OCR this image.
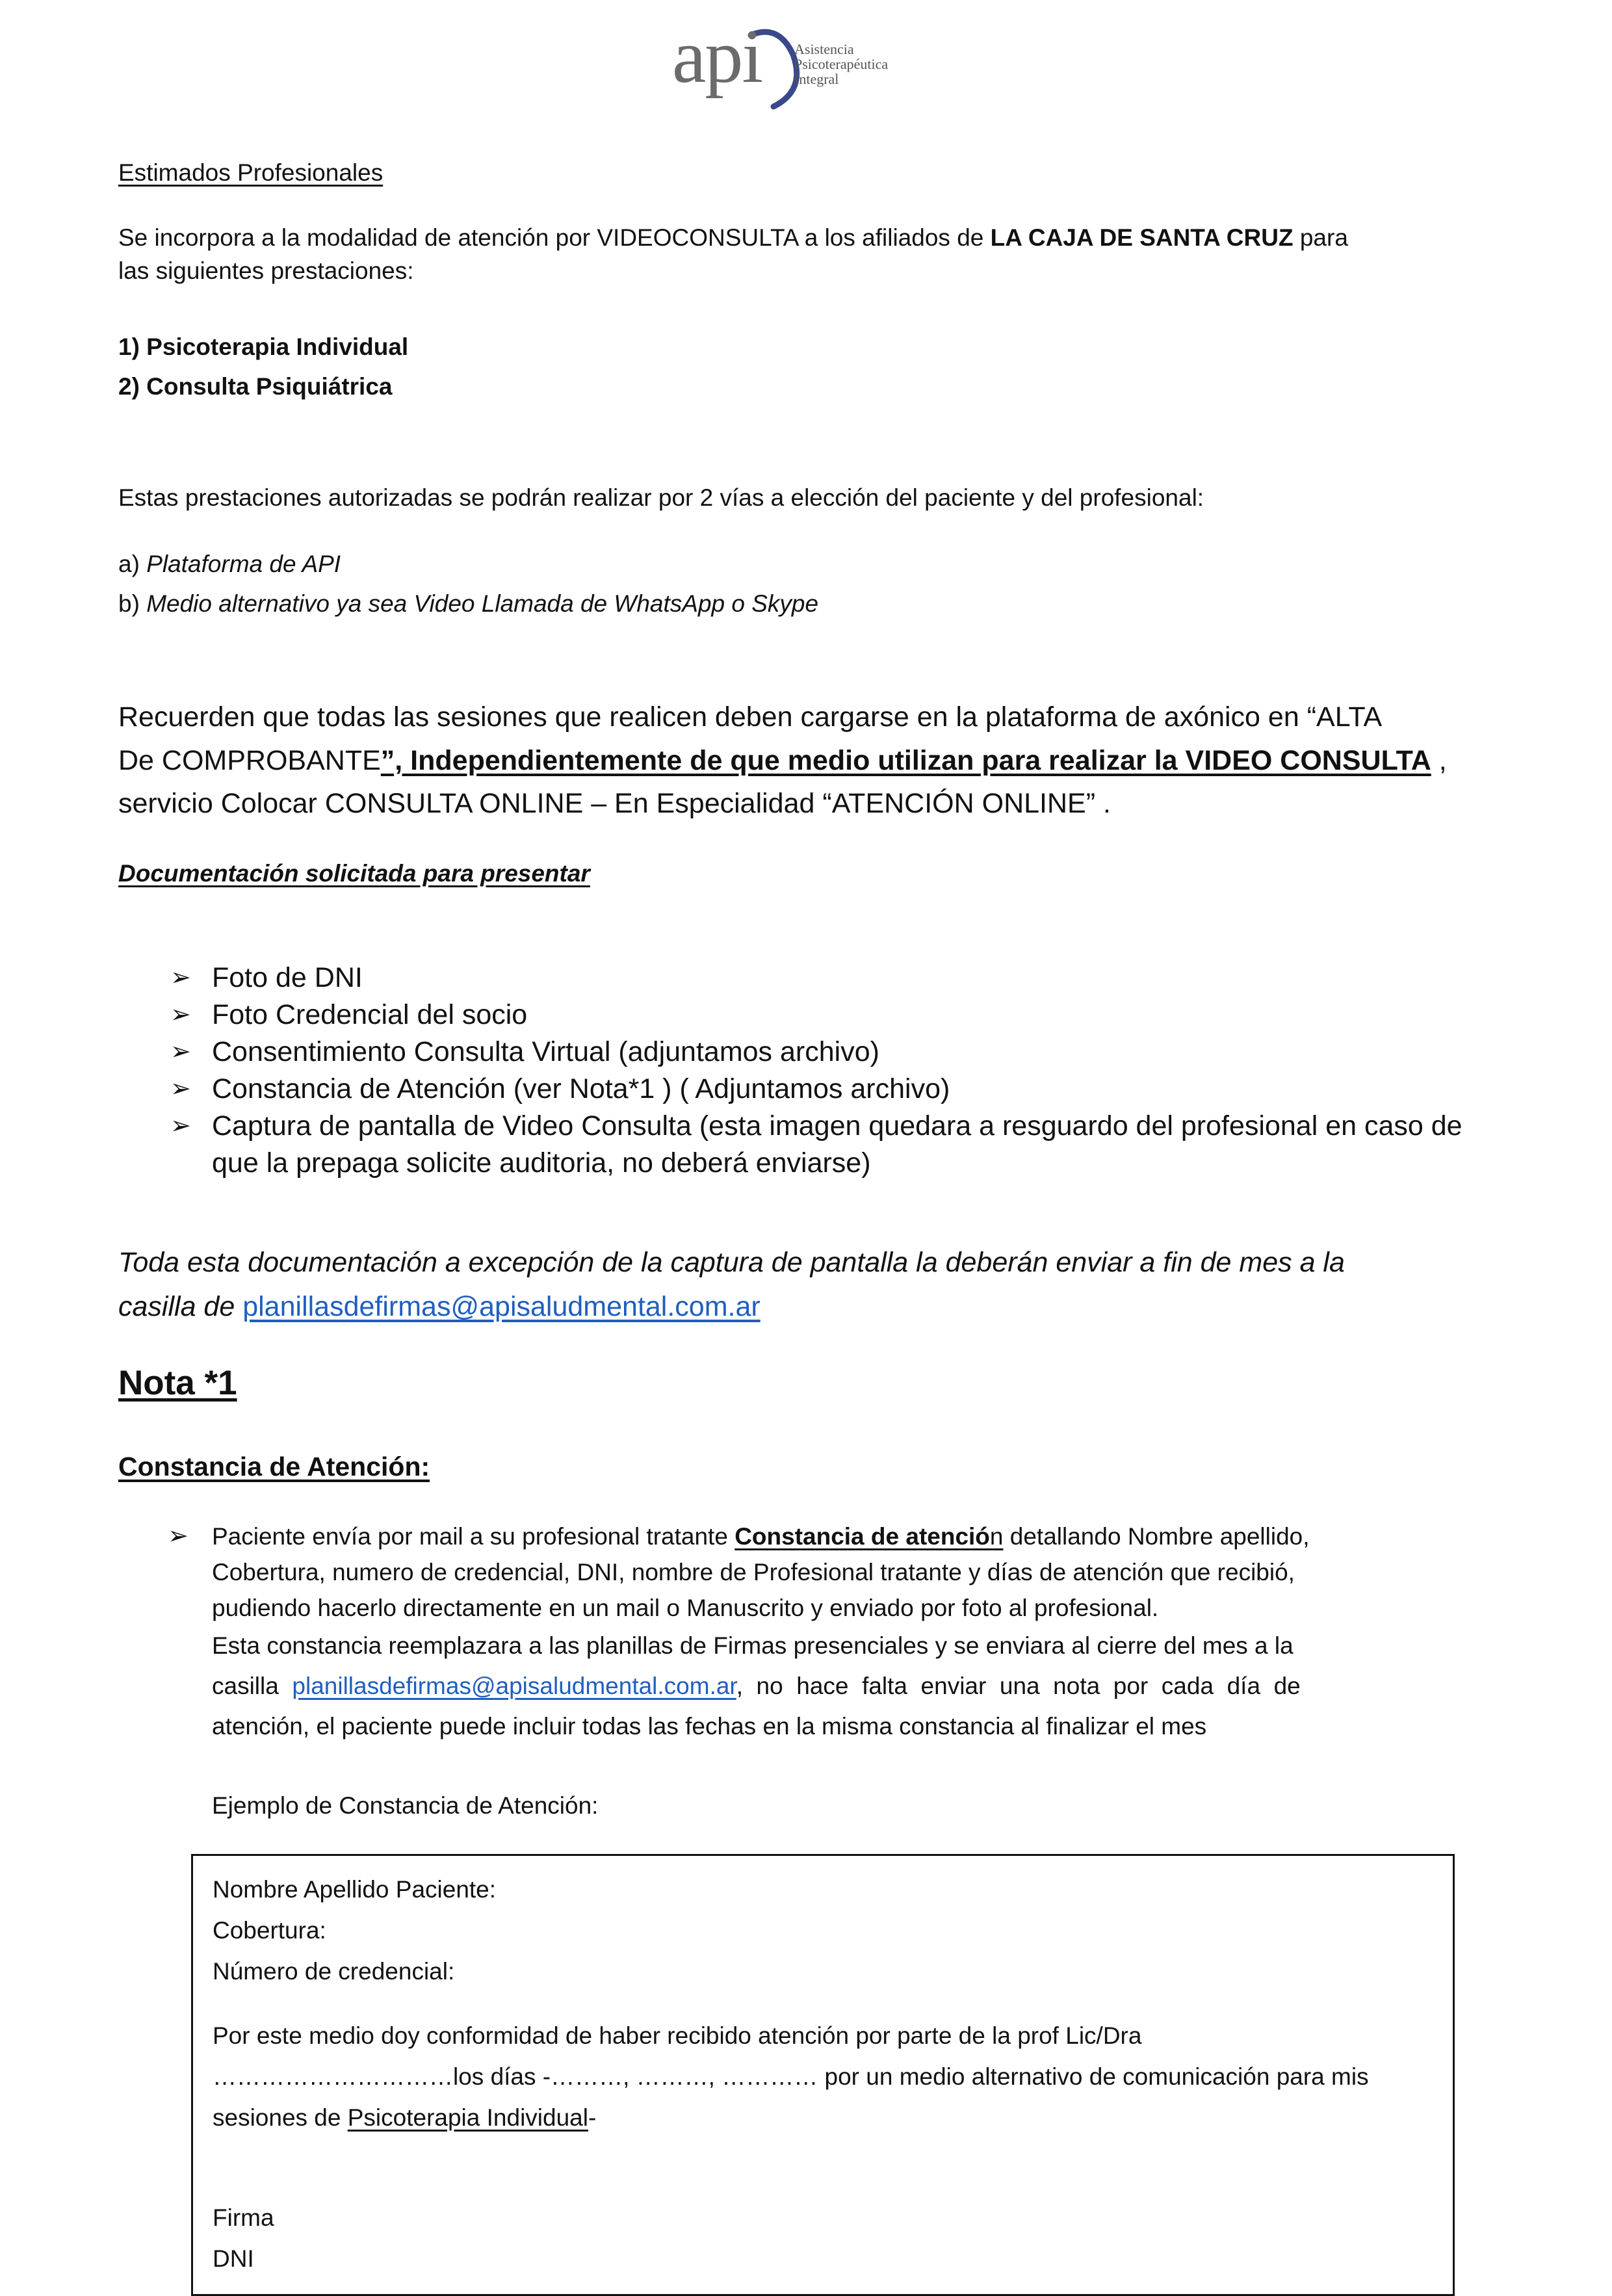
api Asistencia
Psicoterapéutica
Integral
Estimados Profesionales
Se incorpora a la modalidad de atención por VIDEOCONSULTA a los afiliados de LA CAJA DE SANTA CRUZ para
las siguientes prestaciones:
1) Psicoterapia Individual
2) Consulta Psiquiátrica
Estas prestaciones autorizadas se podrán realizar por 2 vías a elección del paciente y del profesional:
a) Plataforma de API
b) Medio alternativo ya sea Video Llamada de WhatsApp o Skype
Recuerden que todas las sesiones que realicen deben cargarse en la plataforma de axónico en “ALTA
De COMPROBANTE”, Independientemente de que medio utilizan para realizar la VIDEO CONSULTA ,
servicio Colocar CONSULTA ONLINE – En Especialidad “ATENCIÓN ONLINE” .
Documentación solicitada para presentar
➢ Foto de DNI
➢ Foto Credencial del socio
➢ Consentimiento Consulta Virtual (adjuntamos archivo)
➢ Constancia de Atención (ver Nota*1 ) ( Adjuntamos archivo)
➢ Captura de pantalla de Video Consulta (esta imagen quedara a resguardo del profesional en caso de
que la prepaga solicite auditoria, no deberá enviarse)
Toda esta documentación a excepción de la captura de pantalla la deberán enviar a fin de mes a la
casilla de planillasdefirmas@apisaludmental.com.ar
Nota *1
Constancia de Atención:
➢ Paciente envía por mail a su profesional tratante Constancia de atención detallando Nombre apellido,
Cobertura, numero de credencial, DNI, nombre de Profesional tratante y días de atención que recibió,
pudiendo hacerlo directamente en un mail o Manuscrito y enviado por foto al profesional.
Esta constancia reemplazara a las planillas de Firmas presenciales y se enviara al cierre del mes a la
casilla  planillasdefirmas@apisaludmental.com.ar,  no  hace  falta  enviar  una  nota  por  cada  día  de
atención, el paciente puede incluir todas las fechas en la misma constancia al finalizar el mes
Ejemplo de Constancia de Atención:
Nombre Apellido Paciente:
Cobertura:
Número de credencial:
Por este medio doy conformidad de haber recibido atención por parte de la prof Lic/Dra
…………………………los días -………, ………, ………… por un medio alternativo de comunicación para mis
sesiones de Psicoterapia Individual-
Firma
DNI
